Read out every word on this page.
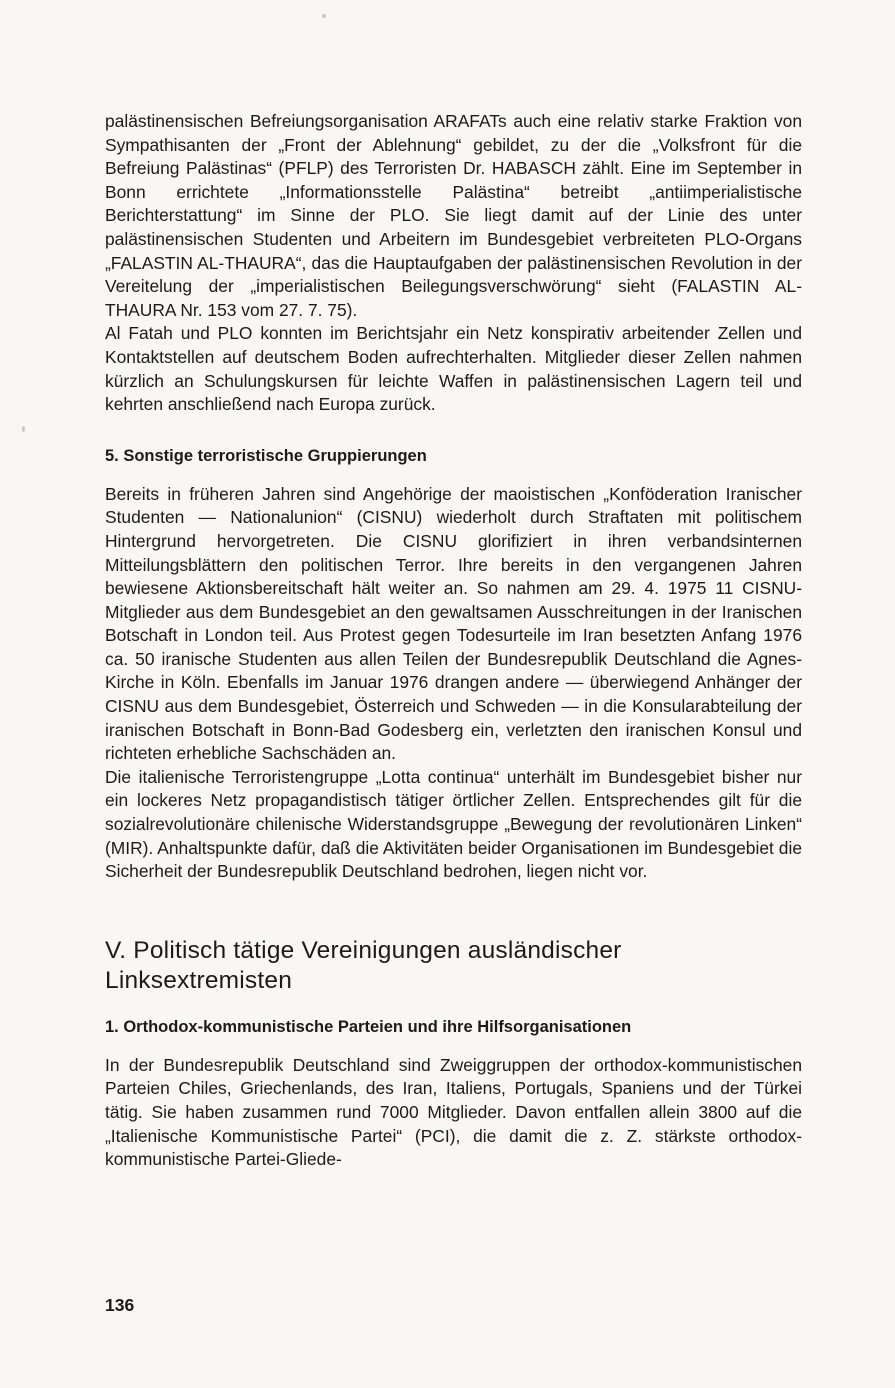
palästinensischen Befreiungsorganisation ARAFATs auch eine relativ starke Fraktion von Sympathisanten der „Front der Ablehnung“ gebildet, zu der die „Volksfront für die Befreiung Palästinas“ (PFLP) des Terroristen Dr. HABASCH zählt. Eine im September in Bonn errichtete „Informationsstelle Palästina“ betreibt „antiimperialistische Berichterstattung“ im Sinne der PLO. Sie liegt damit auf der Linie des unter palästinensischen Studenten und Arbeitern im Bundesgebiet verbreiteten PLO-Organs „FALASTIN AL-THAURA“, das die Hauptaufgaben der palästinensischen Revolution in der Vereitelung der „imperialistischen Beilegungsverschwörung“ sieht (FALASTIN AL-THAURA Nr. 153 vom 27. 7. 75).

Al Fatah und PLO konnten im Berichtsjahr ein Netz konspirativ arbeitender Zellen und Kontaktstellen auf deutschem Boden aufrechterhalten. Mitglieder dieser Zellen nahmen kürzlich an Schulungskursen für leichte Waffen in palästinensischen Lagern teil und kehrten anschließend nach Europa zurück.

5. Sonstige terroristische Gruppierungen

Bereits in früheren Jahren sind Angehörige der maoistischen „Konföderation Iranischer Studenten — Nationalunion“ (CISNU) wiederholt durch Straftaten mit politischem Hintergrund hervorgetreten. Die CISNU glorifiziert in ihren verbandsinternen Mitteilungsblättern den politischen Terror. Ihre bereits in den vergangenen Jahren bewiesene Aktionsbereitschaft hält weiter an. So nahmen am 29. 4. 1975 11 CISNU-Mitglieder aus dem Bundesgebiet an den gewaltsamen Ausschreitungen in der Iranischen Botschaft in London teil. Aus Protest gegen Todesurteile im Iran besetzten Anfang 1976 ca. 50 iranische Studenten aus allen Teilen der Bundesrepublik Deutschland die Agnes-Kirche in Köln. Ebenfalls im Januar 1976 drangen andere — überwiegend Anhänger der CISNU aus dem Bundesgebiet, Österreich und Schweden — in die Konsularabteilung der iranischen Botschaft in Bonn-Bad Godesberg ein, verletzten den iranischen Konsul und richteten erhebliche Sachschäden an.

Die italienische Terroristengruppe „Lotta continua“ unterhält im Bundesgebiet bisher nur ein lockeres Netz propagandistisch tätiger örtlicher Zellen. Entsprechendes gilt für die sozialrevolutionäre chilenische Widerstandsgruppe „Bewegung der revolutionären Linken“ (MIR). Anhaltspunkte dafür, daß die Aktivitäten beider Organisationen im Bundesgebiet die Sicherheit der Bundesrepublik Deutschland bedrohen, liegen nicht vor.

V. Politisch tätige Vereinigungen ausländischer Linksextremisten
1. Orthodox-kommunistische Parteien und ihre Hilfsorganisationen

In der Bundesrepublik Deutschland sind Zweiggruppen der orthodox-kommunistischen Parteien Chiles, Griechenlands, des Iran, Italiens, Portugals, Spaniens und der Türkei tätig. Sie haben zusammen rund 7000 Mitglieder. Davon entfallen allein 3800 auf die „Italienische Kommunistische Partei“ (PCI), die damit die z. Z. stärkste orthodox-kommunistische Partei-Gliede-

136
